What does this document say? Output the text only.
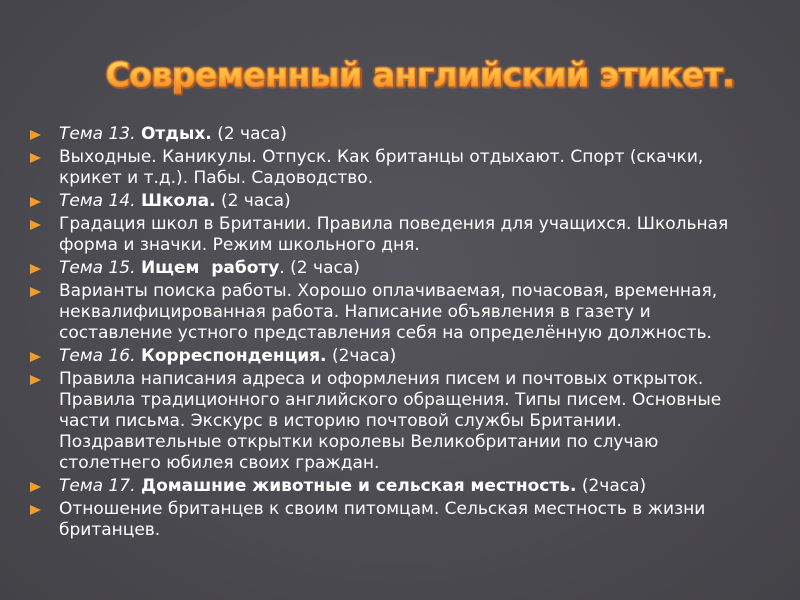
Современный английский этикет.
Тема 13. Отдых. (2 часа)
Выходные. Каникулы. Отпуск. Как британцы отдыхают. Спорт (скачки, крикет и т.д.). Пабы. Садоводство.
Тема 14. Школа. (2 часа)
Градация школ в Британии. Правила поведения для учащихся. Школьная форма и значки. Режим школьного дня.
Тема 15. Ищем  работу. (2 часа)
Варианты поиска работы. Хорошо оплачиваемая, почасовая, временная, неквалифицированная работа. Написание объявления в газету и составление устного представления себя на определённую должность.
Тема 16. Корреспонденция. (2часа)
Правила написания адреса и оформления писем и почтовых открыток. Правила традиционного английского обращения. Типы писем. Основные части письма. Экскурс в историю почтовой службы Британии. Поздравительные открытки королевы Великобритании по случаю столетнего юбилея своих граждан.
Тема 17. Домашние животные и сельская местность. (2часа)
Отношение британцев к своим питомцам. Сельская местность в жизни британцев.
